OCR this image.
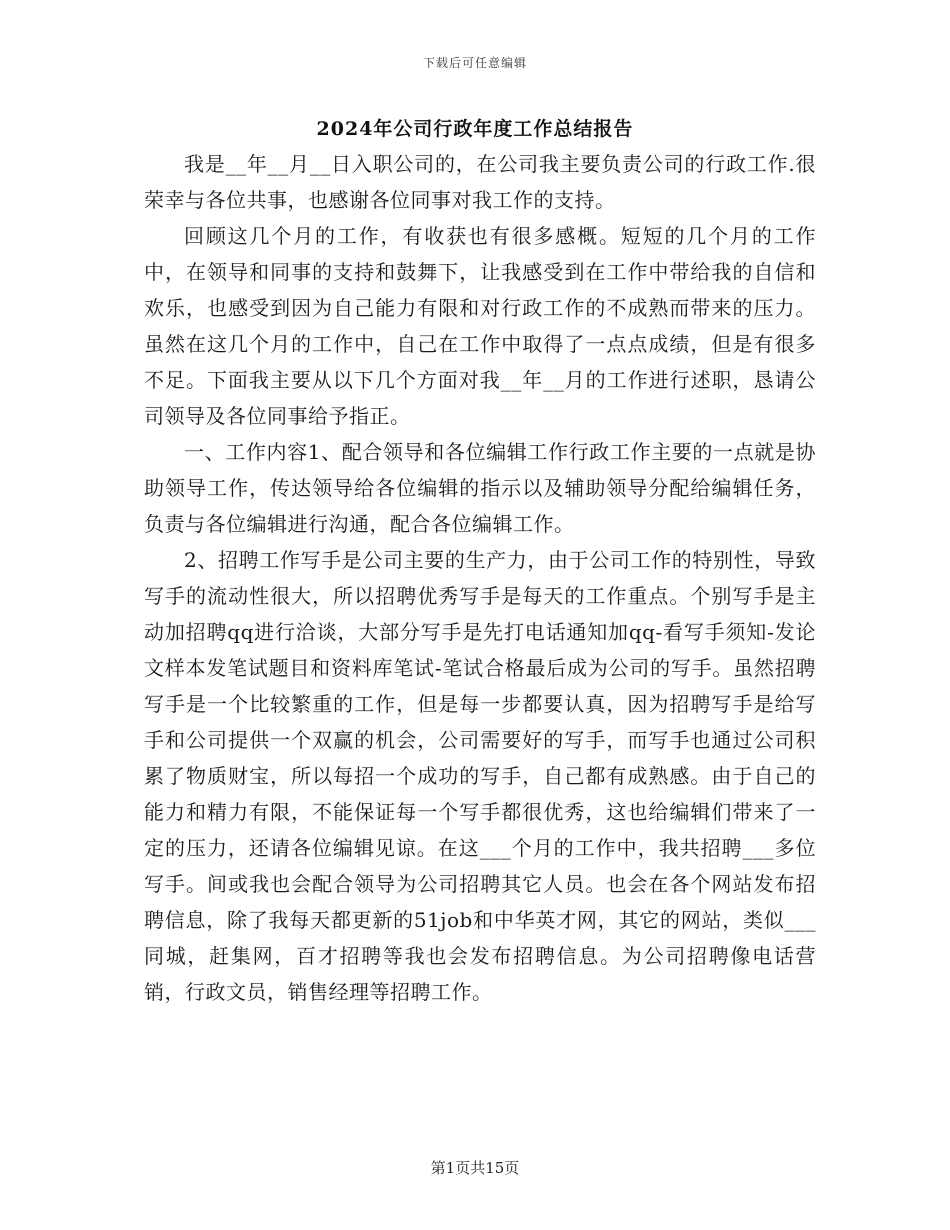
下载后可任意编辑
2024年公司行政年度工作总结报告

我是__年__月__日入职公司的，在公司我主要负责公司的行政工作.很荣幸与各位共事，也感谢各位同事对我工作的支持。

回顾这几个月的工作，有收获也有很多感概。短短的几个月的工作中，在领导和同事的支持和鼓舞下，让我感受到在工作中带给我的自信和欢乐，也感受到因为自己能力有限和对行政工作的不成熟而带来的压力。虽然在这几个月的工作中，自己在工作中取得了一点点成绩，但是有很多不足。下面我主要从以下几个方面对我__年__月的工作进行述职，恳请公司领导及各位同事给予指正。

一、工作内容1、配合领导和各位编辑工作行政工作主要的一点就是协助领导工作，传达领导给各位编辑的指示以及辅助领导分配给编辑任务，负责与各位编辑进行沟通，配合各位编辑工作。

2、招聘工作写手是公司主要的生产力，由于公司工作的特别性，导致写手的流动性很大，所以招聘优秀写手是每天的工作重点。个别写手是主动加招聘qq进行洽谈，大部分写手是先打电话通知加qq-看写手须知-发论文样本发笔试题目和资料库笔试-笔试合格最后成为公司的写手。虽然招聘写手是一个比较繁重的工作，但是每一步都要认真，因为招聘写手是给写手和公司提供一个双赢的机会，公司需要好的写手，而写手也通过公司积累了物质财宝，所以每招一个成功的写手，自己都有成熟感。由于自己的能力和精力有限，不能保证每一个写手都很优秀，这也给编辑们带来了一定的压力，还请各位编辑见谅。在这___个月的工作中，我共招聘___多位写手。间或我也会配合领导为公司招聘其它人员。也会在各个网站发布招聘信息，除了我每天都更新的51job和中华英才网，其它的网站，类似___同城，赶集网，百才招聘等我也会发布招聘信息。为公司招聘像电话营销，行政文员，销售经理等招聘工作。

第1页共15页
